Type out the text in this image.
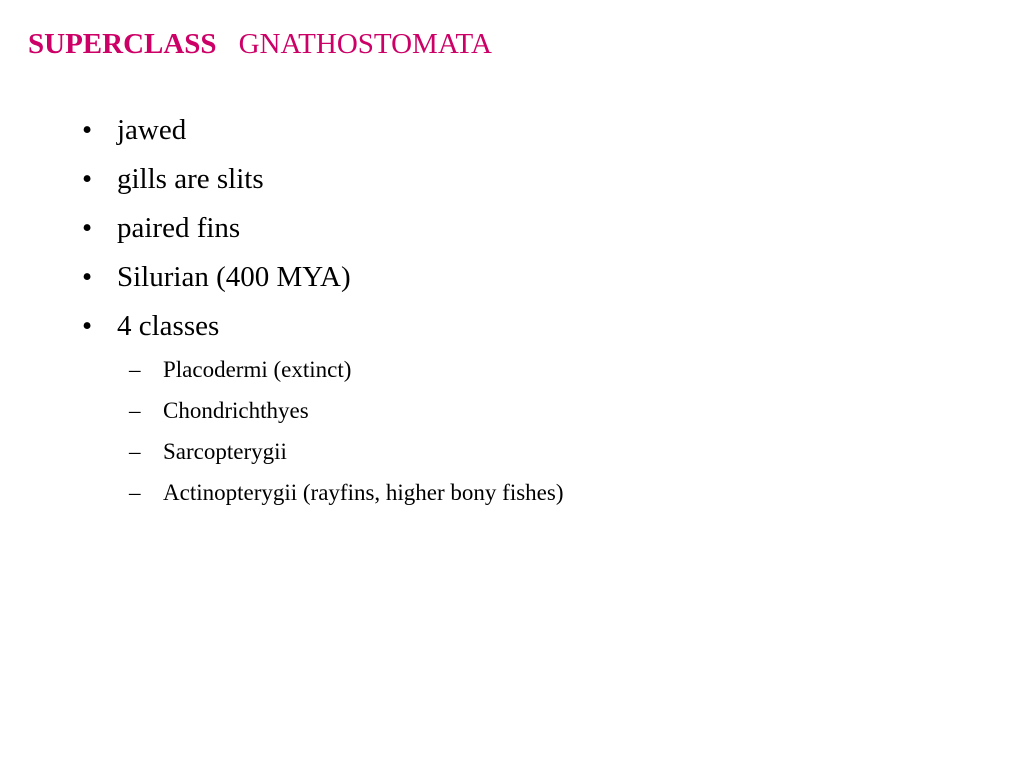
SUPERCLASS GNATHOSTOMATA
• jawed
• gills are slits
• paired fins
• Silurian (400 MYA)
• 4 classes
– Placodermi (extinct)
– Chondrichthyes
– Sarcopterygii
– Actinopterygii (rayfins, higher bony fishes)
